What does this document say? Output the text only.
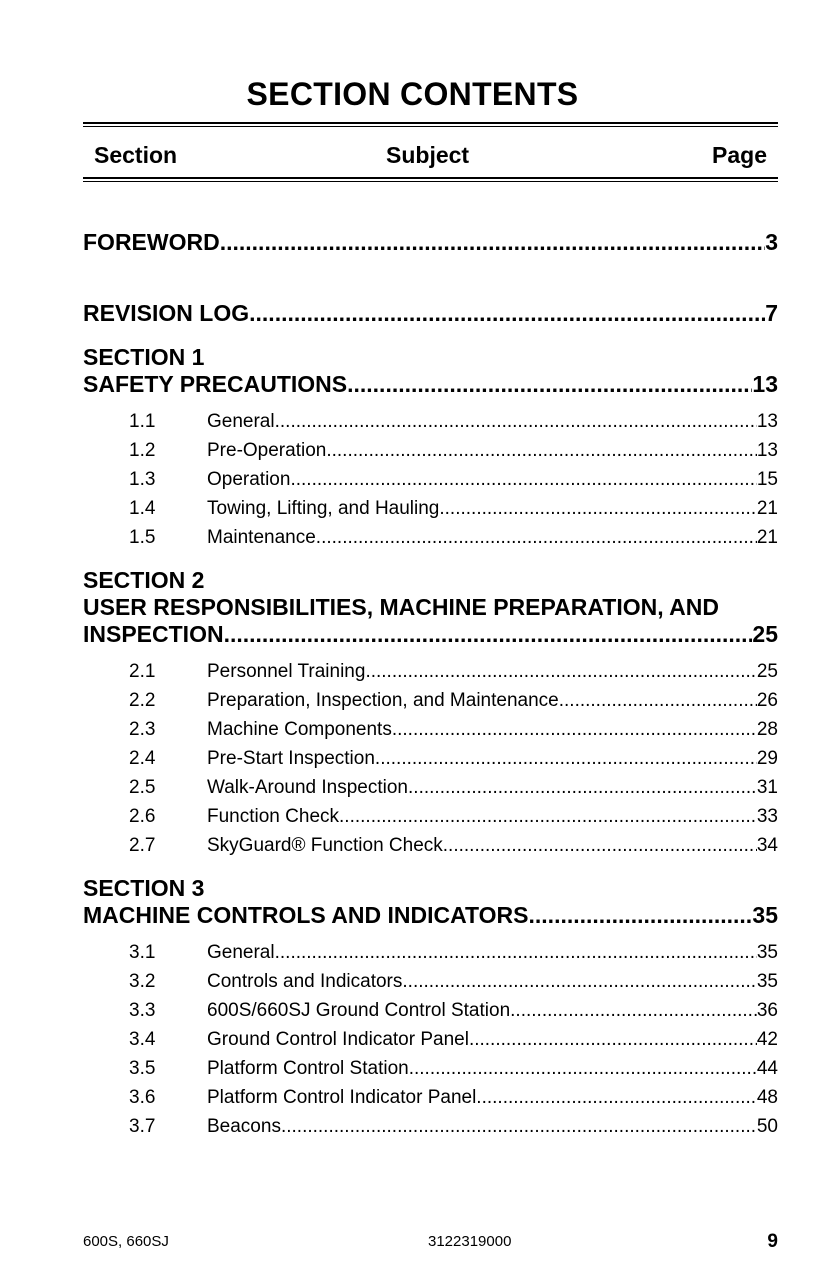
SECTION CONTENTS
Section	Subject	Page
FOREWORD .....	3
REVISION LOG .....	7
SECTION 1
SAFETY PRECAUTIONS .....	13
1.1	General .....	13
1.2	Pre-Operation .....	13
1.3	Operation .....	15
1.4	Towing, Lifting, and Hauling .....	21
1.5	Maintenance .....	21
SECTION 2
USER RESPONSIBILITIES, MACHINE PREPARATION, AND
INSPECTION .....	25
2.1	Personnel Training .....	25
2.2	Preparation, Inspection, and Maintenance .....	26
2.3	Machine Components .....	28
2.4	Pre-Start Inspection .....	29
2.5	Walk-Around Inspection .....	31
2.6	Function Check .....	33
2.7	SkyGuard® Function Check .....	34
SECTION 3
MACHINE CONTROLS AND INDICATORS .....	35
3.1	General .....	35
3.2	Controls and Indicators .....	35
3.3	600S/660SJ Ground Control Station .....	36
3.4	Ground Control Indicator Panel .....	42
3.5	Platform Control Station .....	44
3.6	Platform Control Indicator Panel .....	48
3.7	Beacons .....	50
600S, 660SJ	3122319000	9
